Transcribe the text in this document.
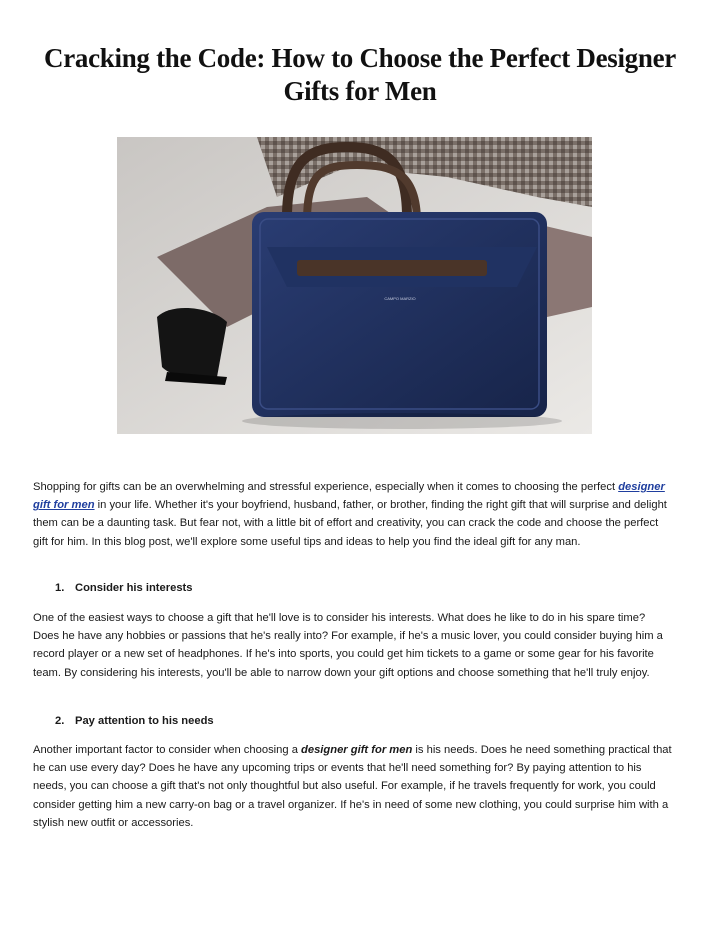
Cracking the Code: How to Choose the Perfect Designer Gifts for Men
CAMPO MARZIO

Shopping for gifts can be an overwhelming and stressful experience, especially when it comes to choosing the perfect designer gift for men in your life. Whether it's your boyfriend, husband, father, or brother, finding the right gift that will surprise and delight them can be a daunting task. But fear not, with a little bit of effort and creativity, you can crack the code and choose the perfect gift for him. In this blog post, we'll explore some useful tips and ideas to help you find the ideal gift for any man.

1. Consider his interests

One of the easiest ways to choose a gift that he'll love is to consider his interests. What does he like to do in his spare time? Does he have any hobbies or passions that he's really into? For example, if he's a music lover, you could consider buying him a record player or a new set of headphones. If he's into sports, you could get him tickets to a game or some gear for his favorite team. By considering his interests, you'll be able to narrow down your gift options and choose something that he'll truly enjoy.

2. Pay attention to his needs

Another important factor to consider when choosing a designer gift for men is his needs. Does he need something practical that he can use every day? Does he have any upcoming trips or events that he'll need something for? By paying attention to his needs, you can choose a gift that's not only thoughtful but also useful. For example, if he travels frequently for work, you could consider getting him a new carry-on bag or a travel organizer. If he's in need of some new clothing, you could surprise him with a stylish new outfit or accessories.
